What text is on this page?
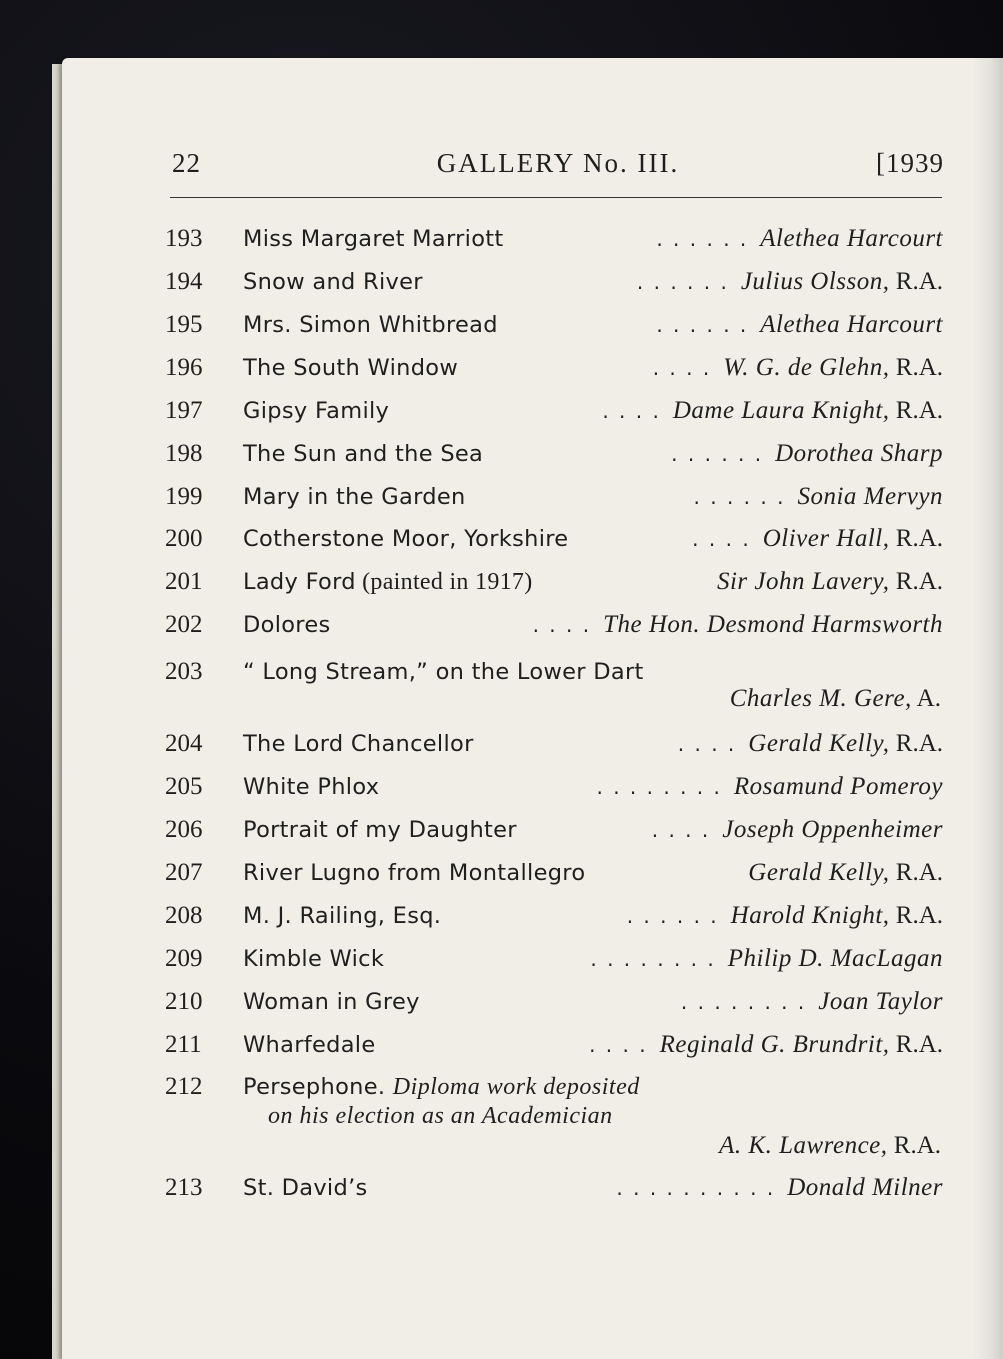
22	GALLERY No. III.	[1939
193 Miss Margaret Marriott	. . . . . . Alethea Harcourt
194 Snow and River	. . . . . . Julius Olsson, R.A.
195 Mrs. Simon Whitbread	. . . . . . Alethea Harcourt
196 The South Window	. . . . W. G. de Glehn, R.A.
197 Gipsy Family	. . . . Dame Laura Knight, R.A.
198 The Sun and the Sea	. . . . . . Dorothea Sharp
199 Mary in the Garden	. . . . . . Sonia Mervyn
200 Cotherstone Moor, Yorkshire	. . . . Oliver Hall, R.A.
201 Lady Ford (painted in 1917)	Sir John Lavery, R.A.
202 Dolores	. . . . The Hon. Desmond Harmsworth
203 “ Long Stream,” on the Lower Dart
Charles M. Gere, A.
204 The Lord Chancellor	. . . . Gerald Kelly, R.A.
205 White Phlox	. . . . . . . . Rosamund Pomeroy
206 Portrait of my Daughter	. . . . Joseph Oppenheimer
207 River Lugno from Montallegro	Gerald Kelly, R.A.
208 M. J. Railing, Esq.	. . . . . . Harold Knight, R.A.
209 Kimble Wick	. . . . . . . . Philip D. MacLagan
210 Woman in Grey	. . . . . . . . Joan Taylor
211 Wharfedale	. . . . Reginald G. Brundrit, R.A.
212 Persephone. Diploma work deposited
on his election as an Academician
A. K. Lawrence, R.A.
213 St. David’s	. . . . . . . . . . Donald Milner
